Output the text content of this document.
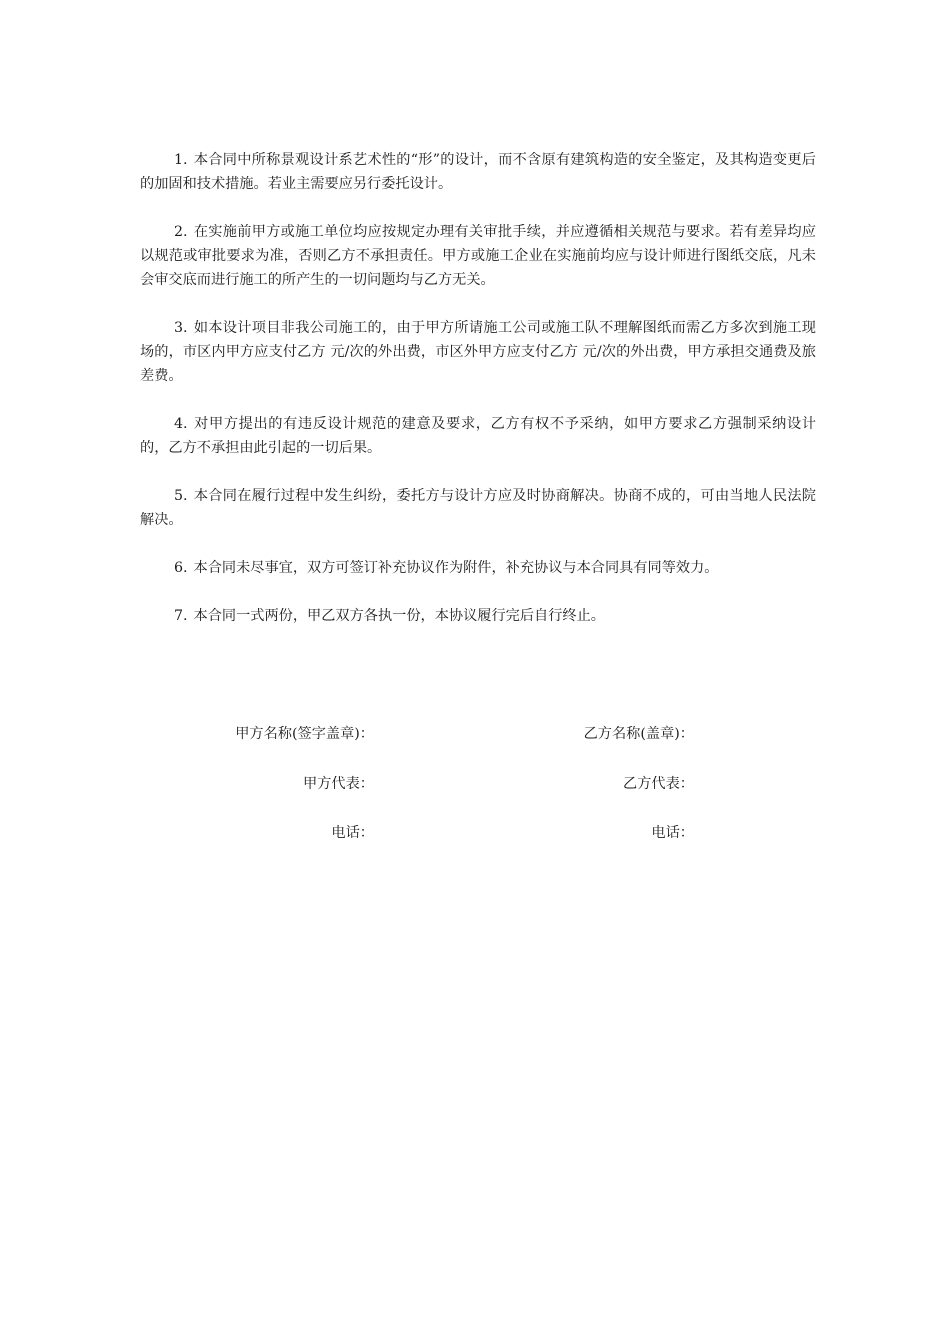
1. 本合同中所称景观设计系艺术性的“形”的设计，而不含原有建筑构造的安全鉴定，及其构造变更后的加固和技术措施。若业主需要应另行委托设计。

2. 在实施前甲方或施工单位均应按规定办理有关审批手续，并应遵循相关规范与要求。若有差异均应以规范或审批要求为准，否则乙方不承担责任。甲方或施工企业在实施前均应与设计师进行图纸交底，凡未会审交底而进行施工的所产生的一切问题均与乙方无关。

3. 如本设计项目非我公司施工的，由于甲方所请施工公司或施工队不理解图纸而需乙方多次到施工现场的，市区内甲方应支付乙方 元/次的外出费，市区外甲方应支付乙方 元/次的外出费，甲方承担交通费及旅差费。

4. 对甲方提出的有违反设计规范的建意及要求，乙方有权不予采纳，如甲方要求乙方强制采纳设计的，乙方不承担由此引起的一切后果。

5. 本合同在履行过程中发生纠纷，委托方与设计方应及时协商解决。协商不成的，可由当地人民法院解决。

6. 本合同未尽事宜，双方可签订补充协议作为附件，补充协议与本合同具有同等效力。

7. 本合同一式两份，甲乙双方各执一份，本协议履行完后自行终止。

甲方名称(签字盖章)：	乙方名称(盖章)：
甲方代表：	乙方代表：
电话：	电话：
